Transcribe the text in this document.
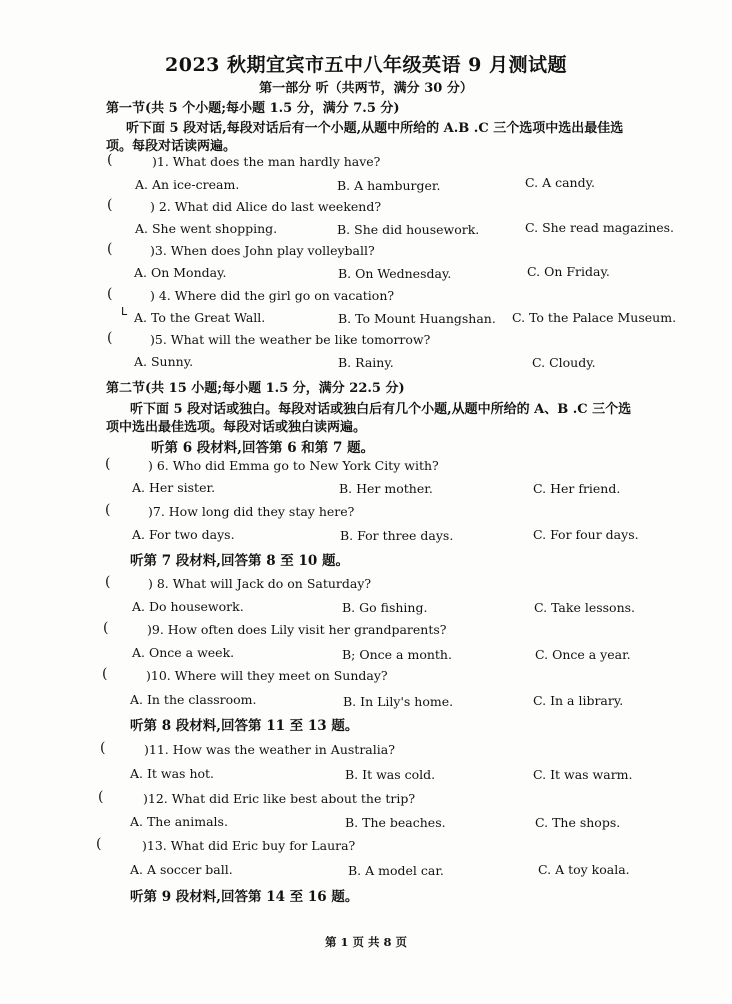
2023 秋期宜宾市五中八年级英语 9 月测试题
第一部分 听（共两节，满分 30 分）
第一节(共 5 个小题;每小题 1.5 分，满分 7.5 分)
听下面 5 段对话,每段对话后有一个小题,从题中所给的 A.B .C 三个选项中选出最佳选
项。每段对话读两遍。
(	)1. What does the man hardly have?
A. An ice-cream.	B. A hamburger.	C. A candy.
(	) 2. What did Alice do last weekend?
A. She went shopping.	B. She did housework.	C. She read magazines.
(	)3. When does John play volleyball?
A. On Monday.	B. On Wednesday.	C. On Friday.
(	) 4. Where did the girl go on vacation?
ᒪ A. To the Great Wall.	B. To Mount Huangshan. C. To the Palace Museum.
(	)5. What will the weather be like tomorrow?
A. Sunny.	B. Rainy.	C. Cloudy.
第二节(共 15 小题;每小题 1.5 分，满分 22.5 分)
听下面 5 段对话或独白。每段对话或独白后有几个小题,从题中所给的 A、B .C 三个选
项中选出最佳选项。每段对话或独白读两遍。
听第 6 段材料,回答第 6 和第 7 题。
(	) 6. Who did Emma go to New York City with?
A. Her sister.	B. Her mother.	C. Her friend.
(	)7. How long did they stay here?
A. For two days.	B. For three days.	C. For four days.
听第 7 段材料,回答第 8 至 10 题。
(	) 8. What will Jack do on Saturday?
A. Do housework.	B. Go fishing.	C. Take lessons.
(	)9. How often does Lily visit her grandparents?
A. Once a week.	B; Once a month.	C. Once a year.
(	)10. Where will they meet on Sunday?
A. In the classroom.	B. In Lily's home.	C. In a library.
听第 8 段材料,回答第 11 至 13 题。
(	)11. How was the weather in Australia?
A. It was hot.	B. It was cold.	C. It was warm.
(	)12. What did Eric like best about the trip?
A. The animals.	B. The beaches.	C. The shops.
(	)13. What did Eric buy for Laura?
A. A soccer ball.	B. A model car.	C. A toy koala.
听第 9 段材料,回答第 14 至 16 题。
第 1 页 共 8 页
